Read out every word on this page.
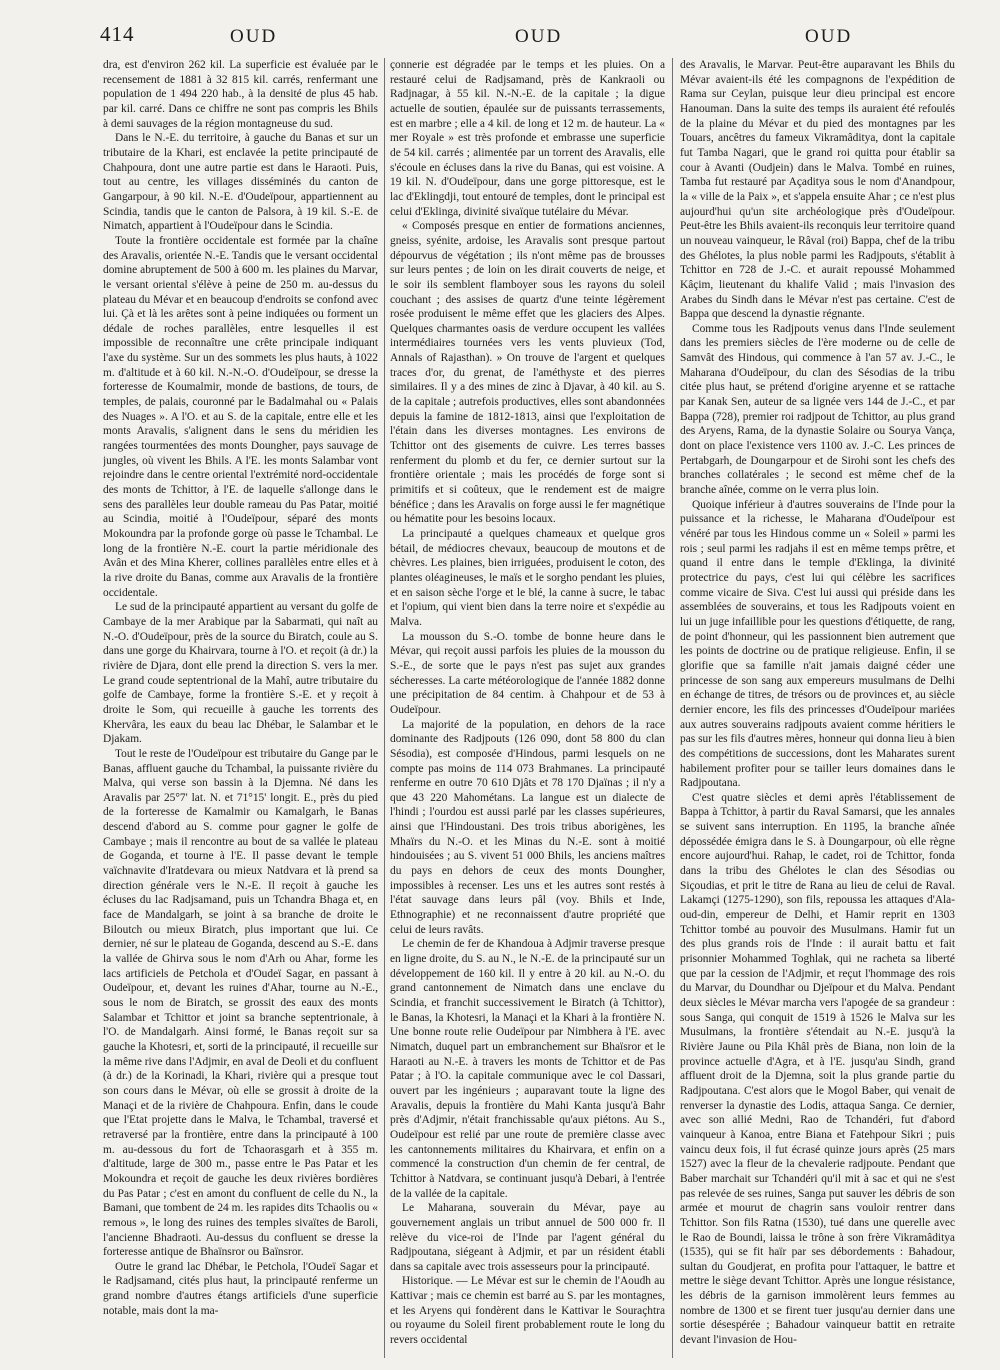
414	OUD	OUD	OUD

dra, est d'environ 262 kil. La superficie est évaluée par le recensement de 1881 à 32 815 kil. carrés, renfermant une population de 1 494 220 hab., à la densité de plus 45 hab. par kil. carré. Dans ce chiffre ne sont pas compris les Bhils à demi sauvages de la région montagneuse du sud.

Dans le N.-E. du territoire, à gauche du Banas et sur un tributaire de la Khari, est enclavée la petite principauté de Chahpoura, dont une autre partie est dans le Haraoti. Puis, tout au centre, les villages disséminés du canton de Gangarpour, à 90 kil. N.-E. d'Oudeïpour, appartiennent au Scindia, tandis que le canton de Palsora, à 19 kil. S.-E. de Nimatch, appartient à l'Oudeïpour dans le Scindia.

Toute la frontière occidentale est formée par la chaîne des Aravalis, orientée N.-E. Tandis que le versant occidental domine abruptement de 500 à 600 m. les plaines du Marvar, le versant oriental s'élève à peine de 250 m. au-dessus du plateau du Mévar et en beaucoup d'endroits se confond avec lui. Çà et là les arêtes sont à peine indiquées ou forment un dédale de roches parallèles, entre lesquelles il est impossible de reconnaître une crête principale indiquant l'axe du système. Sur un des sommets les plus hauts, à 1022 m. d'altitude et à 60 kil. N.-N.-O. d'Oudeïpour, se dresse la forteresse de Koumalmir, monde de bastions, de tours, de temples, de palais, couronné par le Badalmahal ou « Palais des Nuages ». A l'O. et au S. de la capitale, entre elle et les monts Aravalis, s'alignent dans le sens du méridien les rangées tourmentées des monts Doungher, pays sauvage de jungles, où vivent les Bhils. A l'E. les monts Salambar vont rejoindre dans le centre oriental l'extrémité nord-occidentale des monts de Tchittor, à l'E. de laquelle s'allonge dans le sens des parallèles leur double rameau du Pas Patar, moitié au Scindia, moitié à l'Oudeïpour, séparé des monts Mokoundra par la profonde gorge où passe le Tchambal. Le long de la frontière N.-E. court la partie méridionale des Avân et des Mina Kherer, collines parallèles entre elles et à la rive droite du Banas, comme aux Aravalis de la frontière occidentale.

Le sud de la principauté appartient au versant du golfe de Cambaye de la mer Arabique par la Sabarmati, qui naît au N.-O. d'Oudeïpour, près de la source du Biratch, coule au S. dans une gorge du Khairvara, tourne à l'O. et reçoit (à dr.) la rivière de Djara, dont elle prend la direction S. vers la mer. Le grand coude septentrional de la Mahî, autre tributaire du golfe de Cambaye, forme la frontière S.-E. et y reçoit à droite le Som, qui recueille à gauche les torrents des Khervâra, les eaux du beau lac Dhébar, le Salambar et le Djakam.

Tout le reste de l'Oudeïpour est tributaire du Gange par le Banas, affluent gauche du Tchambal, la puissante rivière du Malva, qui verse son bassin à la Djemna. Né dans les Aravalis par 25°7' lat. N. et 71°15' longit. E., près du pied de la forteresse de Kamalmir ou Kamalgarh, le Banas descend d'abord au S. comme pour gagner le golfe de Cambaye ; mais il rencontre au bout de sa vallée le plateau de Goganda, et tourne à l'E. Il passe devant le temple vaïchnavite d'Iratdevara ou mieux Natdvara et là prend sa direction générale vers le N.-E. Il reçoit à gauche les écluses du lac Radjsamand, puis un Tchandra Bhaga et, en face de Mandalgarh, se joint à sa branche de droite le Biloutch ou mieux Biratch, plus important que lui. Ce dernier, né sur le plateau de Goganda, descend au S.-E. dans la vallée de Ghirva sous le nom d'Arh ou Ahar, forme les lacs artificiels de Petchola et d'Oudeï Sagar, en passant à Oudeïpour, et, devant les ruines d'Ahar, tourne au N.-E., sous le nom de Biratch, se grossit des eaux des monts Salambar et Tchittor et joint sa branche septentrionale, à l'O. de Mandalgarh. Ainsi formé, le Banas reçoit sur sa gauche la Khotesri, et, sorti de la principauté, il recueille sur la même rive dans l'Adjmir, en aval de Deoli et du confluent (à dr.) de la Korinadi, la Khari, rivière qui a presque tout son cours dans le Mévar, où elle se grossit à droite de la Manaçi et de la rivière de Chahpoura. Enfin, dans le coude que l'Etat projette dans le Malva, le Tchambal, traversé et retraversé par la frontière, entre dans la principauté à 100 m. au-dessous du fort de Tchaorasgarh et à 355 m. d'altitude, large de 300 m., passe entre le Pas Patar et les Mokoundra et reçoit de gauche les deux rivières bordières du Pas Patar ; c'est en amont du confluent de celle du N., la Bamani, que tombent de 24 m. les rapides dits Tchaolis ou « remous », le long des ruines des temples sivaïtes de Baroli, l'ancienne Bhadraoti. Au-dessus du confluent se dresse la forteresse antique de Bhaïnsror ou Baïnsror.

Outre le grand lac Dhébar, le Petchola, l'Oudeï Sagar et le Radjsamand, cités plus haut, la principauté renferme un grand nombre d'autres étangs artificiels d'une superficie notable, mais dont la ma-

çonnerie est dégradée par le temps et les pluies. On a restauré celui de Radjsamand, près de Kankraoli ou Radjnagar, à 55 kil. N.-N.-E. de la capitale ; la digue actuelle de soutien, épaulée sur de puissants terrassements, est en marbre ; elle a 4 kil. de long et 12 m. de hauteur. La « mer Royale » est très profonde et embrasse une superficie de 54 kil. carrés ; alimentée par un torrent des Aravalis, elle s'écoule en écluses dans la rive du Banas, qui est voisine. A 19 kil. N. d'Oudeïpour, dans une gorge pittoresque, est le lac d'Eklingdji, tout entouré de temples, dont le principal est celui d'Eklinga, divinité sivaïque tutélaire du Mévar.

« Composés presque en entier de formations anciennes, gneiss, syénite, ardoise, les Aravalis sont presque partout dépourvus de végétation ; ils n'ont même pas de brousses sur leurs pentes ; de loin on les dirait couverts de neige, et le soir ils semblent flamboyer sous les rayons du soleil couchant ; des assises de quartz d'une teinte légèrement rosée produisent le même effet que les glaciers des Alpes. Quelques charmantes oasis de verdure occupent les vallées intermédiaires tournées vers les vents pluvieux (Tod, Annals of Rajasthan). » On trouve de l'argent et quelques traces d'or, du grenat, de l'améthyste et des pierres similaires. Il y a des mines de zinc à Djavar, à 40 kil. au S. de la capitale ; autrefois productives, elles sont abandonnées depuis la famine de 1812-1813, ainsi que l'exploitation de l'étain dans les diverses montagnes. Les environs de Tchittor ont des gisements de cuivre. Les terres basses renferment du plomb et du fer, ce dernier surtout sur la frontière orientale ; mais les procédés de forge sont si primitifs et si coûteux, que le rendement est de maigre bénéfice ; dans les Aravalis on forge aussi le fer magnétique ou hématite pour les besoins locaux.

La principauté a quelques chameaux et quelque gros bétail, de médiocres chevaux, beaucoup de moutons et de chèvres. Les plaines, bien irriguées, produisent le coton, des plantes oléagineuses, le maïs et le sorgho pendant les pluies, et en saison sèche l'orge et le blé, la canne à sucre, le tabac et l'opium, qui vient bien dans la terre noire et s'expédie au Malva.

La mousson du S.-O. tombe de bonne heure dans le Mévar, qui reçoit aussi parfois les pluies de la mousson du S.-E., de sorte que le pays n'est pas sujet aux grandes sécheresses. La carte météorologique de l'année 1882 donne une précipitation de 84 centim. à Chahpour et de 53 à Oudeïpour.

La majorité de la population, en dehors de la race dominante des Radjpouts (126 090, dont 58 800 du clan Sésodia), est composée d'Hindous, parmi lesquels on ne compte pas moins de 114 073 Brahmanes. La principauté renferme en outre 70 610 Djâts et 78 170 Djaïnas ; il n'y a que 43 220 Mahométans. La langue est un dialecte de l'hindi ; l'ourdou est aussi parlé par les classes supérieures, ainsi que l'Hindoustani. Des trois tribus aborigènes, les Mhaïrs du N.-O. et les Minas du N.-E. sont à moitié hindouisées ; au S. vivent 51 000 Bhils, les anciens maîtres du pays en dehors de ceux des monts Doungher, impossibles à recenser. Les uns et les autres sont restés à l'état sauvage dans leurs pâl (voy. Bhils et Inde, Ethnographie) et ne reconnaissent d'autre propriété que celui de leurs ravâts.

Le chemin de fer de Khandoua à Adjmir traverse presque en ligne droite, du S. au N., le N.-E. de la principauté sur un développement de 160 kil. Il y entre à 20 kil. au N.-O. du grand cantonnement de Nimatch dans une enclave du Scindia, et franchit successivement le Biratch (à Tchittor), le Banas, la Khotesri, la Manaçi et la Khari à la frontière N. Une bonne route relie Oudeïpour par Nimbhera à l'E. avec Nimatch, duquel part un embranchement sur Bhaïsror et le Haraoti au N.-E. à travers les monts de Tchittor et de Pas Patar ; à l'O. la capitale communique avec le col Dassari, ouvert par les ingénieurs ; auparavant toute la ligne des Aravalis, depuis la frontière du Mahi Kanta jusqu'à Bahr près d'Adjmir, n'était franchissable qu'aux piétons. Au S., Oudeïpour est relié par une route de première classe avec les cantonnements militaires du Khairvara, et enfin on a commencé la construction d'un chemin de fer central, de Tchittor à Natdvara, se continuant jusqu'à Debari, à l'entrée de la vallée de la capitale.

Le Maharana, souverain du Mévar, paye au gouvernement anglais un tribut annuel de 500 000 fr. Il relève du vice-roi de l'Inde par l'agent général du Radjpoutana, siégeant à Adjmir, et par un résident établi dans sa capitale avec trois assesseurs pour la principauté.

Historique. — Le Mévar est sur le chemin de l'Aoudh au Kattivar ; mais ce chemin est barré au S. par les montagnes, et les Aryens qui fondèrent dans le Kattivar le Souraçhtra ou royaume du Soleil firent probablement route le long du revers occidental

des Aravalis, le Marvar. Peut-être auparavant les Bhils du Mévar avaient-ils été les compagnons de l'expédition de Rama sur Ceylan, puisque leur dieu principal est encore Hanouman. Dans la suite des temps ils auraient été refoulés de la plaine du Mévar et du pied des montagnes par les Touars, ancêtres du fameux Vikramâditya, dont la capitale fut Tamba Nagari, que le grand roi quitta pour établir sa cour à Avanti (Oudjein) dans le Malva. Tombé en ruines, Tamba fut restauré par Açaditya sous le nom d'Anandpour, la « ville de la Paix », et s'appela ensuite Ahar ; ce n'est plus aujourd'hui qu'un site archéologique près d'Oudeïpour. Peut-être les Bhils avaient-ils reconquis leur territoire quand un nouveau vainqueur, le Râval (roi) Bappa, chef de la tribu des Ghélotes, la plus noble parmi les Radjpouts, s'établit à Tchittor en 728 de J.-C. et aurait repoussé Mohammed Kâçim, lieutenant du khalife Valid ; mais l'invasion des Arabes du Sindh dans le Mévar n'est pas certaine. C'est de Bappa que descend la dynastie régnante.

Comme tous les Radjpouts venus dans l'Inde seulement dans les premiers siècles de l'ère moderne ou de celle de Samvât des Hindous, qui commence à l'an 57 av. J.-C., le Maharana d'Oudeïpour, du clan des Sésodias de la tribu citée plus haut, se prétend d'origine aryenne et se rattache par Kanak Sen, auteur de sa lignée vers 144 de J.-C., et par Bappa (728), premier roi radjpout de Tchittor, au plus grand des Aryens, Rama, de la dynastie Solaire ou Sourya Vança, dont on place l'existence vers 1100 av. J.-C. Les princes de Pertabgarh, de Doungarpour et de Sirohi sont les chefs des branches collatérales ; le second est même chef de la branche aînée, comme on le verra plus loin.

Quoique inférieur à d'autres souverains de l'Inde pour la puissance et la richesse, le Maharana d'Oudeïpour est vénéré par tous les Hindous comme un « Soleil » parmi les rois ; seul parmi les radjahs il est en même temps prêtre, et quand il entre dans le temple d'Eklinga, la divinité protectrice du pays, c'est lui qui célèbre les sacrifices comme vicaire de Siva. C'est lui aussi qui préside dans les assemblées de souverains, et tous les Radjpouts voient en lui un juge infaillible pour les questions d'étiquette, de rang, de point d'honneur, qui les passionnent bien autrement que les points de doctrine ou de pratique religieuse. Enfin, il se glorifie que sa famille n'ait jamais daigné céder une princesse de son sang aux empereurs musulmans de Delhi en échange de titres, de trésors ou de provinces et, au siècle dernier encore, les fils des princesses d'Oudeïpour mariées aux autres souverains radjpouts avaient comme héritiers le pas sur les fils d'autres mères, honneur qui donna lieu à bien des compétitions de successions, dont les Maharates surent habilement profiter pour se tailler leurs domaines dans le Radjpoutana.

C'est quatre siècles et demi après l'établissement de Bappa à Tchittor, à partir du Raval Samarsi, que les annales se suivent sans interruption. En 1195, la branche aînée dépossédée émigra dans le S. à Doungarpour, où elle règne encore aujourd'hui. Rahap, le cadet, roi de Tchittor, fonda dans la tribu des Ghélotes le clan des Sésodias ou Siçoudias, et prit le titre de Rana au lieu de celui de Raval. Lakamçi (1275-1290), son fils, repoussa les attaques d'Ala-oud-din, empereur de Delhi, et Hamir reprit en 1303 Tchittor tombé au pouvoir des Musulmans. Hamir fut un des plus grands rois de l'Inde : il aurait battu et fait prisonnier Mohammed Toghlak, qui ne racheta sa liberté que par la cession de l'Adjmir, et reçut l'hommage des rois du Marvar, du Doundhar ou Djeïpour et du Malva. Pendant deux siècles le Mévar marcha vers l'apogée de sa grandeur : sous Sanga, qui conquit de 1519 à 1526 le Malva sur les Musulmans, la frontière s'étendait au N.-E. jusqu'à la Rivière Jaune ou Pila Khâl près de Biana, non loin de la province actuelle d'Agra, et à l'E. jusqu'au Sindh, grand affluent droit de la Djemna, soit la plus grande partie du Radjpoutana. C'est alors que le Mogol Baber, qui venait de renverser la dynastie des Lodis, attaqua Sanga. Ce dernier, avec son allié Medni, Rao de Tchandéri, fut d'abord vainqueur à Kanoa, entre Biana et Fatehpour Sikri ; puis vaincu deux fois, il fut écrasé quinze jours après (25 mars 1527) avec la fleur de la chevalerie radjpoute. Pendant que Baber marchait sur Tchandéri qu'il mit à sac et qui ne s'est pas relevée de ses ruines, Sanga put sauver les débris de son armée et mourut de chagrin sans vouloir rentrer dans Tchittor. Son fils Ratna (1530), tué dans une querelle avec le Rao de Boundi, laissa le trône à son frère Vikramâditya (1535), qui se fit haïr par ses débordements : Bahadour, sultan du Goudjerat, en profita pour l'attaquer, le battre et mettre le siège devant Tchittor. Après une longue résistance, les débris de la garnison immolèrent leurs femmes au nombre de 1300 et se firent tuer jusqu'au dernier dans une sortie désespérée ; Bahadour vainqueur battit en retraite devant l'invasion de Hou-
